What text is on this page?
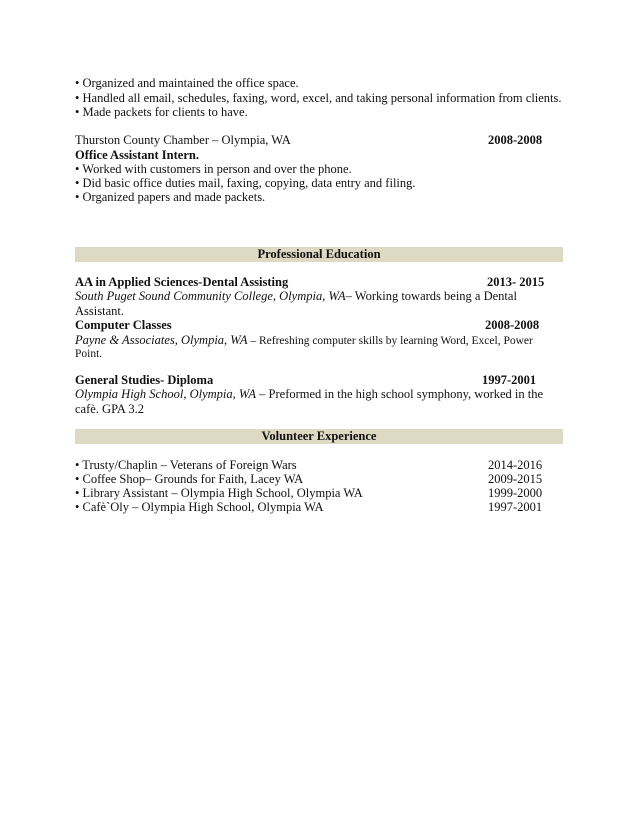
• Organized and maintained the office space.
• Handled all email, schedules, faxing, word, excel, and taking personal information from clients.
• Made packets for clients to have.
Thurston County Chamber – Olympia, WA	2008-2008
Office Assistant Intern.
• Worked with customers in person and over the phone.
• Did basic office duties mail, faxing, copying, data entry and filing.
• Organized papers and made packets.
Professional Education
AA in Applied Sciences-Dental Assisting	2013- 2015
South Puget Sound Community College, Olympia, WA– Working towards being a Dental
Assistant.
Computer Classes	2008-2008
Payne & Associates, Olympia, WA – Refreshing computer skills by learning Word, Excel, Power
Point.
General Studies- Diploma	1997-2001
Olympia High School, Olympia, WA – Preformed in the high school symphony, worked in the
cafè. GPA 3.2
Volunteer Experience
• Trusty/Chaplin – Veterans of Foreign Wars	2014-2016
• Coffee Shop– Grounds for Faith, Lacey WA	2009-2015
• Library Assistant – Olympia High School, Olympia WA	1999-2000
• Cafè`Oly – Olympia High School, Olympia WA	1997-2001
